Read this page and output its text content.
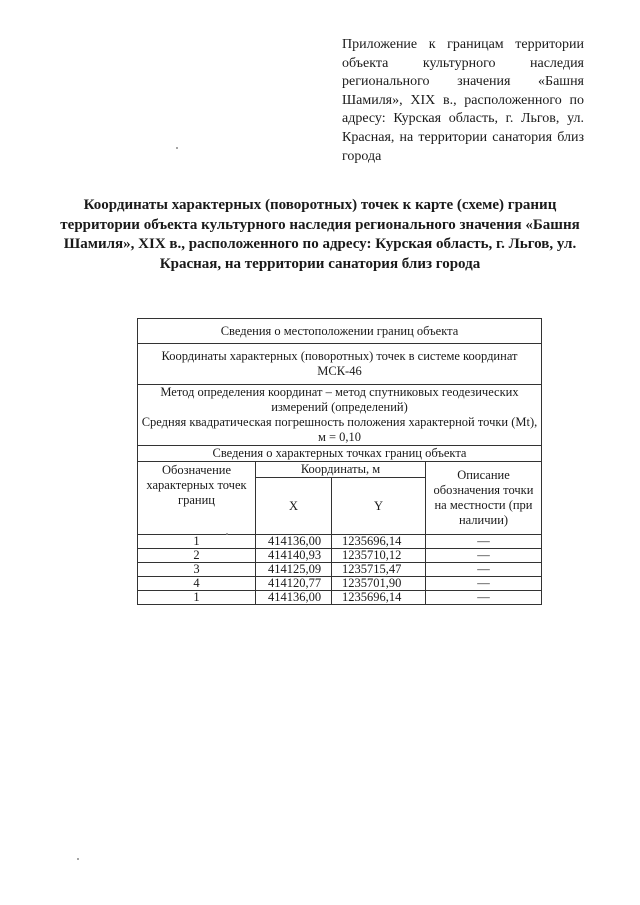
Приложение к границам территории объекта культурного наследия регионального значения «Башня Шамиля», XIX в., расположенного по адресу: Курская область, г. Льгов, ул. Красная, на территории санатория близ города
Координаты характерных (поворотных) точек к карте (схеме) границ территории объекта культурного наследия регионального значения «Башня Шамиля», XIX в., расположенного по адресу: Курская область, г. Льгов, ул. Красная, на территории санатория близ города
Сведения о местоположении границ объекта			
Координаты характерных (поворотных) точек в системе координат МСК-46			

Метод определения координат – метод спутниковых геодезических измерений (определений)
Средняя квадратическая погрешность положения характерной точки (Mt), м = 0,10			

Сведения о характерных точках границ объекта			
Обозначение характерных точек границ	Координаты, м		Описание обозначения точки на местности (при наличии)
	X	Y	
1	414136,00	1235696,14	—
2	414140,93	1235710,12	—
3	414125,09	1235715,47	—
4	414120,77	1235701,90	—
1	414136,00	1235696,14	—
